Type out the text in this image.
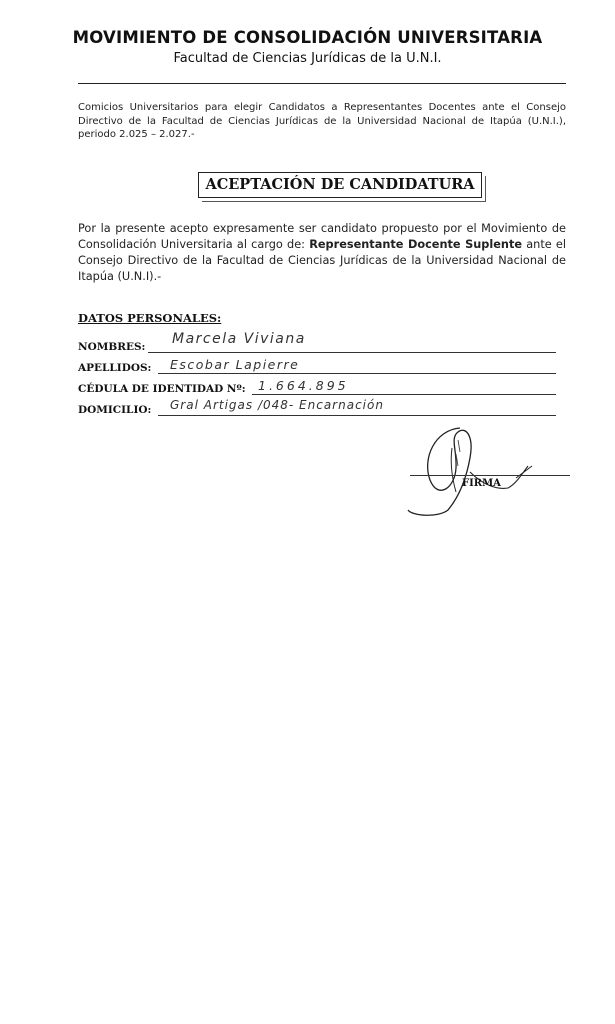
MOVIMIENTO DE CONSOLIDACIÓN UNIVERSITARIA
Facultad de Ciencias Jurídicas de la U.N.I.
Comicios Universitarios para elegir Candidatos a Representantes Docentes ante el Consejo Directivo de la Facultad de Ciencias Jurídicas de la Universidad Nacional de Itapúa (U.N.I.), periodo 2.025 – 2.027.-
ACEPTACIÓN DE CANDIDATURA
Por la presente acepto expresamente ser candidato propuesto por el Movimiento de Consolidación Universitaria al cargo de: Representante Docente Suplente ante el Consejo Directivo de la Facultad de Ciencias Jurídicas de la Universidad Nacional de Itapúa (U.N.I).-
DATOS PERSONALES:
NOMBRES: Marcela Viviana
APELLIDOS: Escobar Lapierre
CÉDULA DE IDENTIDAD Nº: 1.664.895
DOMICILIO: Gral Artigas /048- Encarnación
FIRMA
